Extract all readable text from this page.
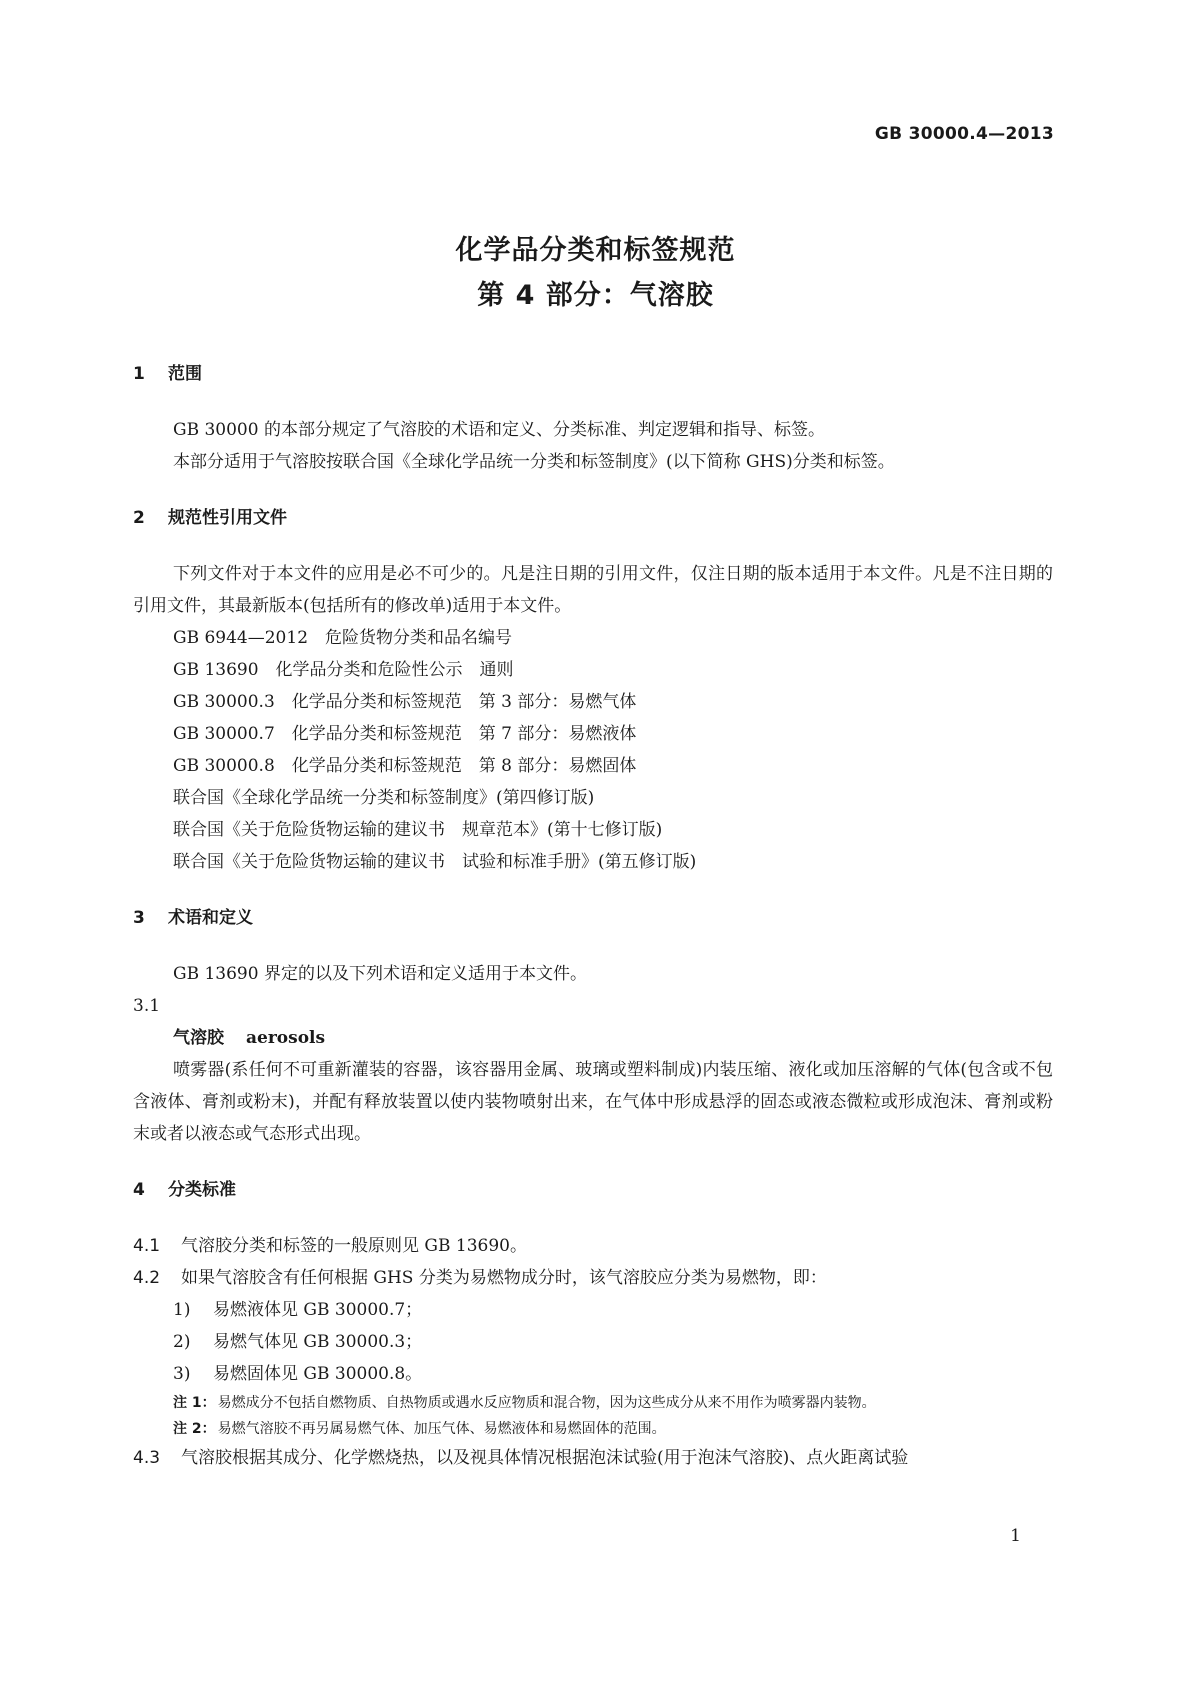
GB 30000.4—2013
化学品分类和标签规范
第 4 部分：气溶胶
1 范围
GB 30000 的本部分规定了气溶胶的术语和定义、分类标准、判定逻辑和指导、标签。
本部分适用于气溶胶按联合国《全球化学品统一分类和标签制度》(以下简称 GHS)分类和标签。
2 规范性引用文件
下列文件对于本文件的应用是必不可少的。凡是注日期的引用文件，仅注日期的版本适用于本文件。凡是不注日期的引用文件，其最新版本(包括所有的修改单)适用于本文件。
GB 6944—2012　危险货物分类和品名编号
GB 13690　化学品分类和危险性公示　通则
GB 30000.3　化学品分类和标签规范　第 3 部分：易燃气体
GB 30000.7　化学品分类和标签规范　第 7 部分：易燃液体
GB 30000.8　化学品分类和标签规范　第 8 部分：易燃固体
联合国《全球化学品统一分类和标签制度》(第四修订版)
联合国《关于危险货物运输的建议书　规章范本》(第十七修订版)
联合国《关于危险货物运输的建议书　试验和标准手册》(第五修订版)
3 术语和定义
GB 13690 界定的以及下列术语和定义适用于本文件。
3.1
气溶胶 aerosols
喷雾器(系任何不可重新灌装的容器，该容器用金属、玻璃或塑料制成)内装压缩、液化或加压溶解的气体(包含或不包含液体、膏剂或粉末)，并配有释放装置以使内装物喷射出来，在气体中形成悬浮的固态或液态微粒或形成泡沫、膏剂或粉末或者以液态或气态形式出现。
4 分类标准
4.1	气溶胶分类和标签的一般原则见 GB 13690。
4.2	如果气溶胶含有任何根据 GHS 分类为易燃物成分时，该气溶胶应分类为易燃物，即：
1) 易燃液体见 GB 30000.7；
2) 易燃气体见 GB 30000.3；
3) 易燃固体见 GB 30000.8。
注 1： 易燃成分不包括自燃物质、自热物质或遇水反应物质和混合物，因为这些成分从来不用作为喷雾器内装物。
注 2： 易燃气溶胶不再另属易燃气体、加压气体、易燃液体和易燃固体的范围。
4.3	气溶胶根据其成分、化学燃烧热，以及视具体情况根据泡沫试验(用于泡沫气溶胶)、点火距离试验
1
